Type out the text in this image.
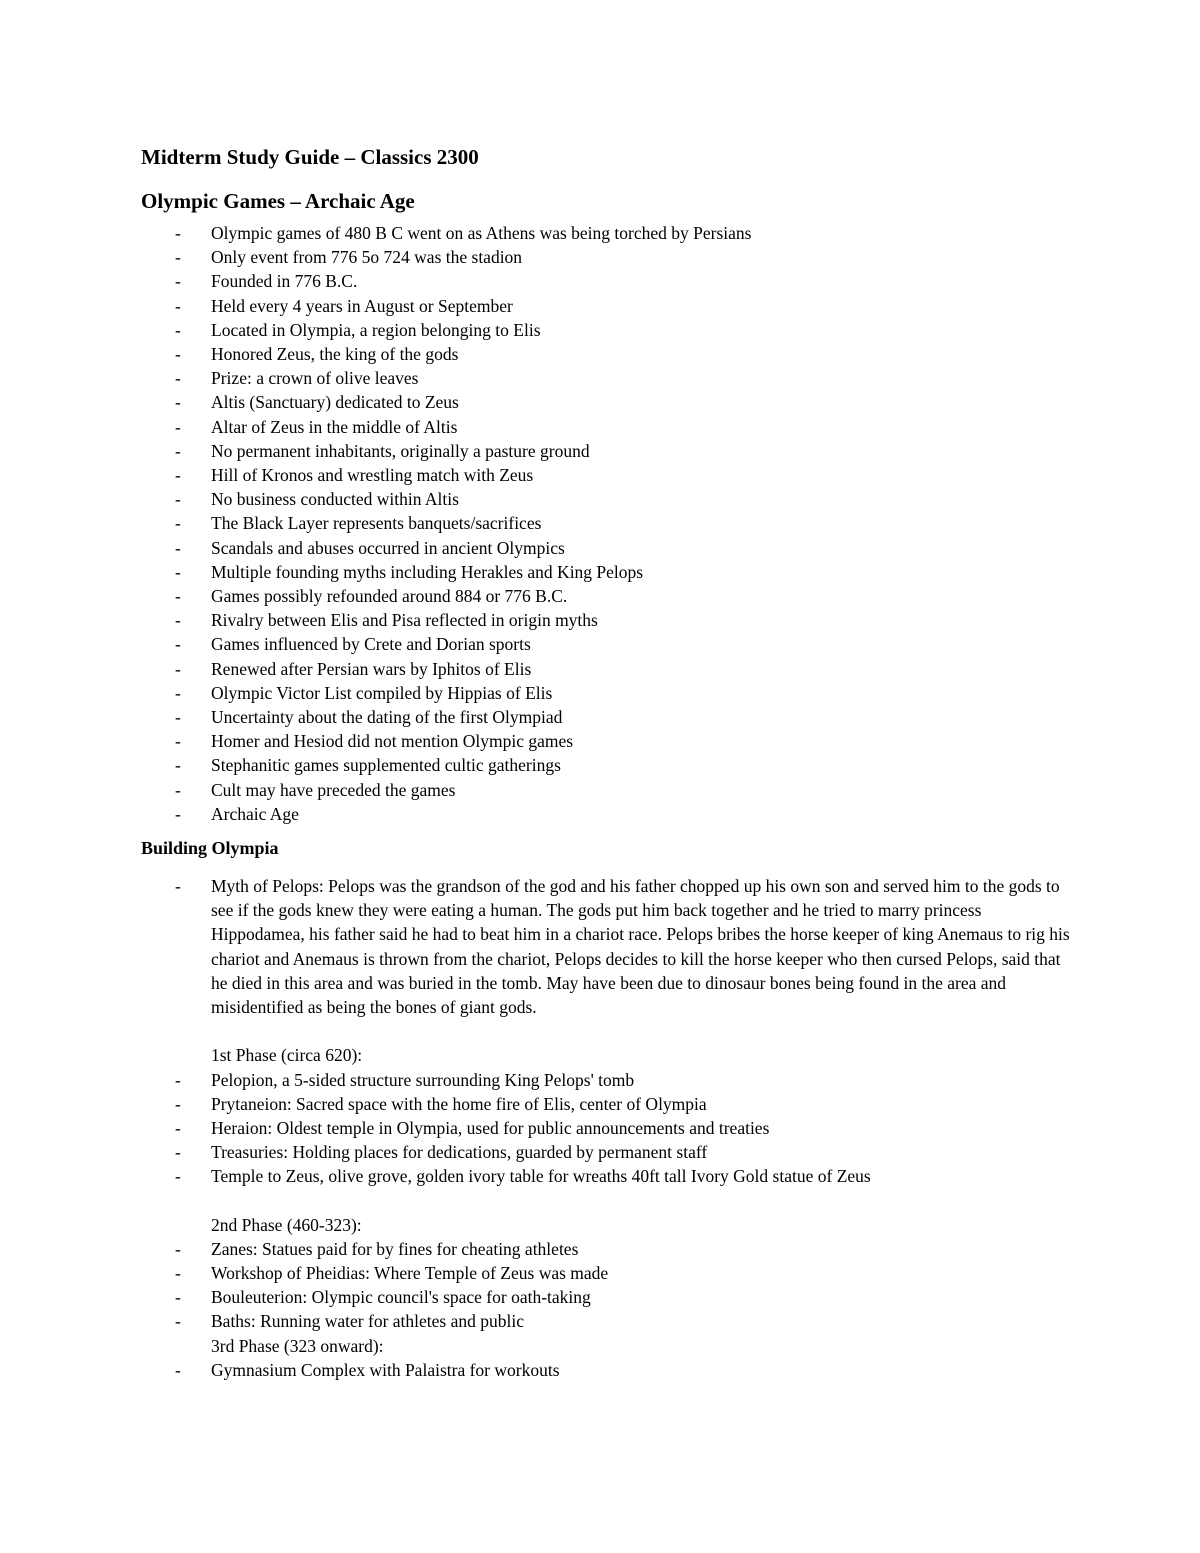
Midterm Study Guide – Classics 2300
Olympic Games – Archaic Age
- Olympic games of 480 B C went on as Athens was being torched by Persians
- Only event from 776 5o 724 was the stadion
- Founded in 776 B.C.
- Held every 4 years in August or September
- Located in Olympia, a region belonging to Elis
- Honored Zeus, the king of the gods
- Prize: a crown of olive leaves
- Altis (Sanctuary) dedicated to Zeus
- Altar of Zeus in the middle of Altis
- No permanent inhabitants, originally a pasture ground
- Hill of Kronos and wrestling match with Zeus
- No business conducted within Altis
- The Black Layer represents banquets/sacrifices
- Scandals and abuses occurred in ancient Olympics
- Multiple founding myths including Herakles and King Pelops
- Games possibly refounded around 884 or 776 B.C.
- Rivalry between Elis and Pisa reflected in origin myths
- Games influenced by Crete and Dorian sports
- Renewed after Persian wars by Iphitos of Elis
- Olympic Victor List compiled by Hippias of Elis
- Uncertainty about the dating of the first Olympiad
- Homer and Hesiod did not mention Olympic games
- Stephanitic games supplemented cultic gatherings
- Cult may have preceded the games
- Archaic Age
Building Olympia
- Myth of Pelops: Pelops was the grandson of the god and his father chopped up his own son and served him to the gods to see if the gods knew they were eating a human. The gods put him back together and he tried to marry princess Hippodamea, his father said he had to beat him in a chariot race. Pelops bribes the horse keeper of king Anemaus to rig his chariot and Anemaus is thrown from the chariot, Pelops decides to kill the horse keeper who then cursed Pelops, said that he died in this area and was buried in the tomb. May have been due to dinosaur bones being found in the area and misidentified as being the bones of giant gods.
1st Phase (circa 620):
- Pelopion, a 5-sided structure surrounding King Pelops' tomb
- Prytaneion: Sacred space with the home fire of Elis, center of Olympia
- Heraion: Oldest temple in Olympia, used for public announcements and treaties
- Treasuries: Holding places for dedications, guarded by permanent staff
- Temple to Zeus, olive grove, golden ivory table for wreaths 40ft tall Ivory Gold statue of Zeus
2nd Phase (460-323):
- Zanes: Statues paid for by fines for cheating athletes
- Workshop of Pheidias: Where Temple of Zeus was made
- Bouleuterion: Olympic council's space for oath-taking
- Baths: Running water for athletes and public
3rd Phase (323 onward):
- Gymnasium Complex with Palaistra for workouts
